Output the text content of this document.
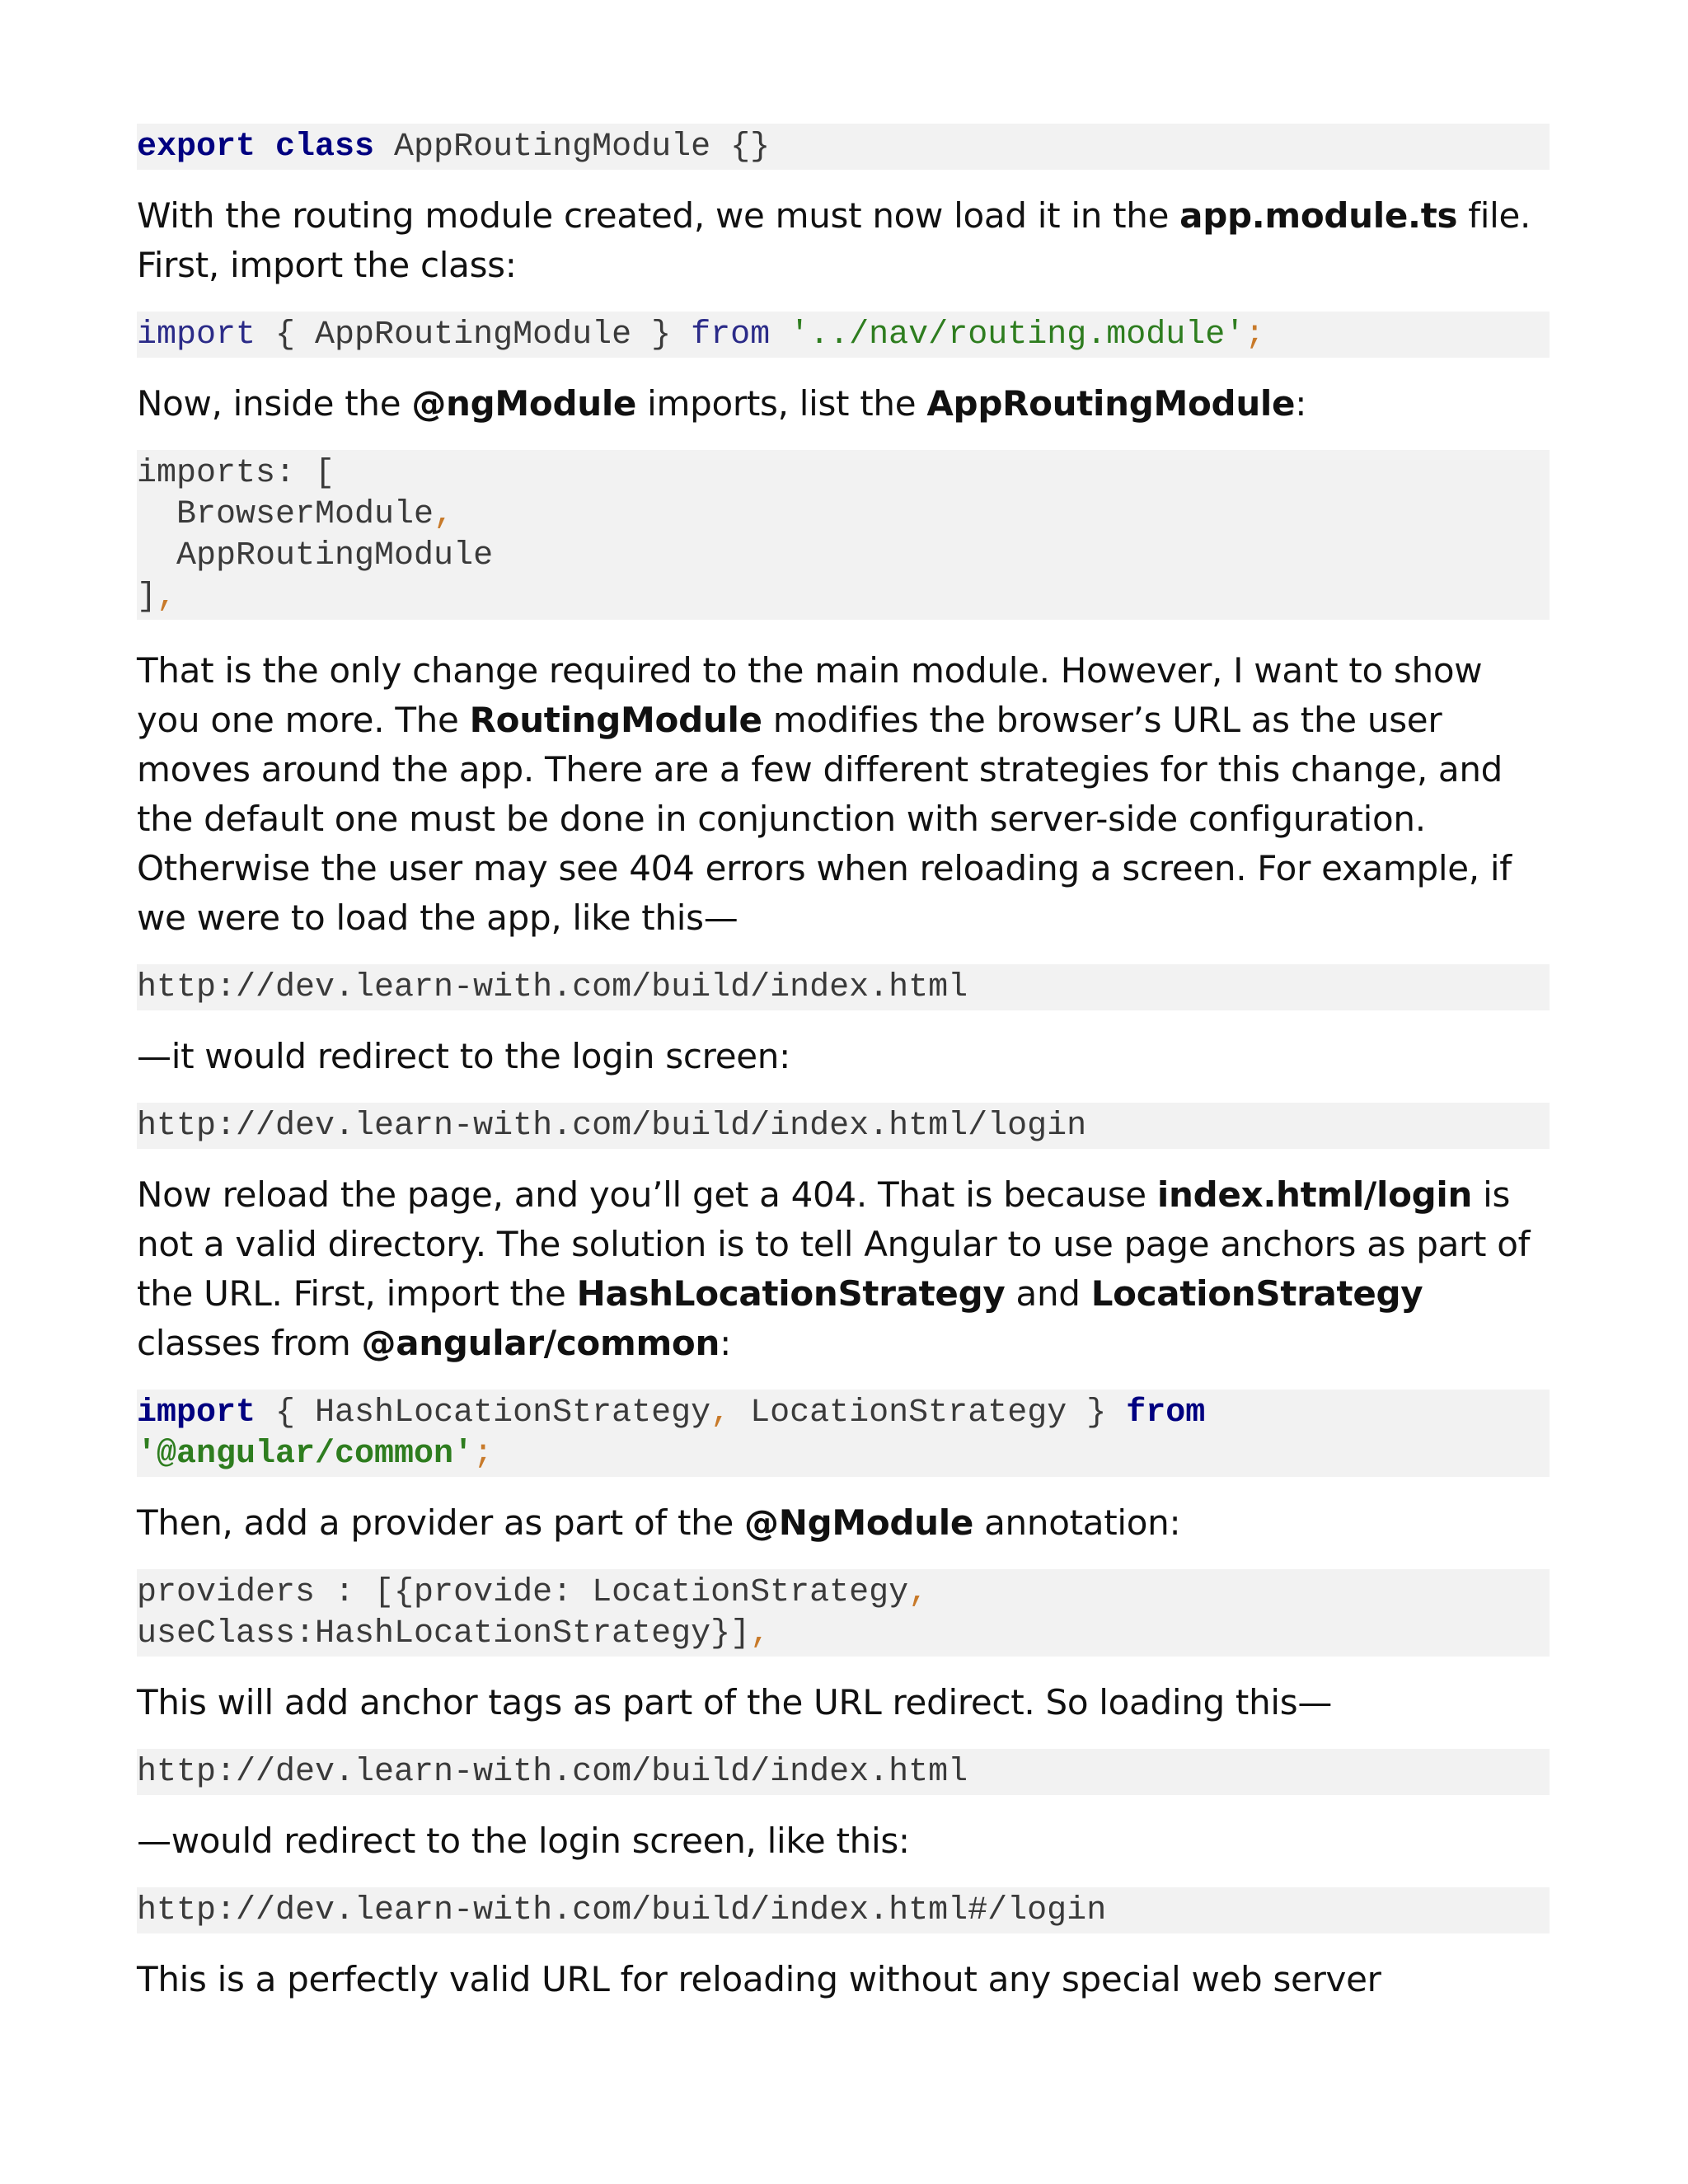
export class AppRoutingModule {}

With the routing module created, we must now load it in the app.module.ts file. First, import the class:

import { AppRoutingModule } from '../nav/routing.module';

Now, inside the @ngModule imports, list the AppRoutingModule:

imports: [
BrowserModule,
AppRoutingModule
],

That is the only change required to the main module. However, I want to show you one more. The RoutingModule modifies the browser’s URL as the user moves around the app. There are a few different strategies for this change, and the default one must be done in conjunction with server-side configuration. Otherwise the user may see 404 errors when reloading a screen. For example, if we were to load the app, like this—

http://dev.learn-with.com/build/index.html

—it would redirect to the login screen:

http://dev.learn-with.com/build/index.html/login

Now reload the page, and you’ll get a 404. That is because index.html/login is not a valid directory. The solution is to tell Angular to use page anchors as part of the URL. First, import the HashLocationStrategy and LocationStrategy classes from @angular/common:

import { HashLocationStrategy, LocationStrategy } from
'@angular/common';

Then, add a provider as part of the @NgModule annotation:

providers : [{provide: LocationStrategy,
useClass:HashLocationStrategy}],

This will add anchor tags as part of the URL redirect. So loading this—

http://dev.learn-with.com/build/index.html

—would redirect to the login screen, like this:

http://dev.learn-with.com/build/index.html#/login

This is a perfectly valid URL for reloading without any special web server
